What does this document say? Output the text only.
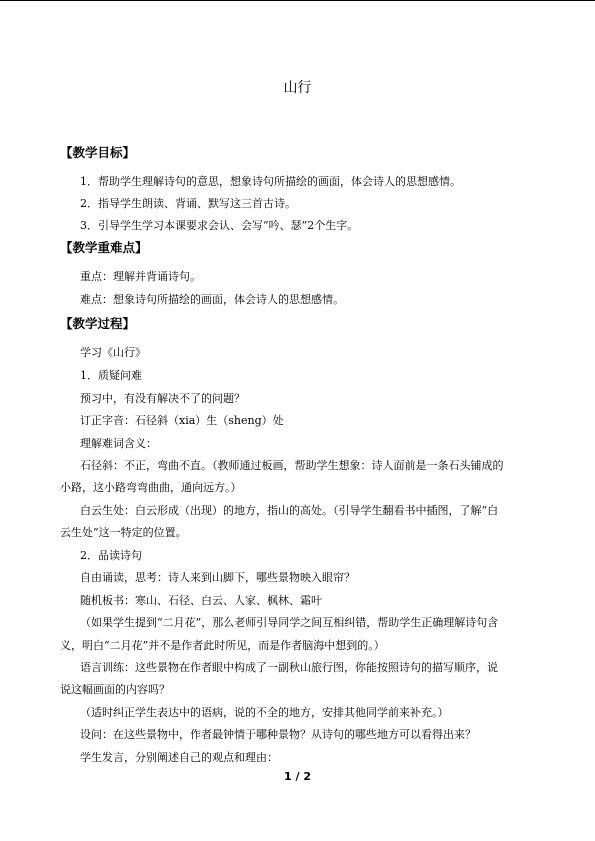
山行
【教学目标】
1．帮助学生理解诗句的意思，想象诗句所描绘的画面，体会诗人的思想感情。
2．指导学生朗读、背诵、默写这三首古诗。
3．引导学生学习本课要求会认、会写“吟、瑟”2个生字。
【教学重难点】
重点：理解并背诵诗句。
难点：想象诗句所描绘的画面，体会诗人的思想感情。
【教学过程】
学习《山行》
1．质疑问难
预习中，有没有解决不了的问题？
订正字音：石径斜（xia）生（sheng）处
理解难词含义：
石径斜：不正，弯曲不直。（教师通过板画，帮助学生想象：诗人面前是一条石头铺成的
小路，这小路弯弯曲曲，通向远方。）
白云生处：白云形成（出现）的地方，指山的高处。（引导学生翻看书中插图，了解“白
云生处”这一特定的位置。
2．品读诗句
自由诵读，思考：诗人来到山脚下，哪些景物映入眼帘？
随机板书：寒山、石径、白云、人家、枫林、霜叶
（如果学生提到“二月花”，那么老师引导同学之间互相纠错，帮助学生正确理解诗句含
义，明白“二月花”并不是作者此时所见，而是作者脑海中想到的。）
语言训练：这些景物在作者眼中构成了一副秋山旅行图，你能按照诗句的描写顺序，说
说这幅画面的内容吗？
（适时纠正学生表达中的语病，说的不全的地方，安排其他同学前来补充。）
设问：在这些景物中，作者最钟情于哪种景物？从诗句的哪些地方可以看得出来？
学生发言，分别阐述自己的观点和理由：
1 / 2
